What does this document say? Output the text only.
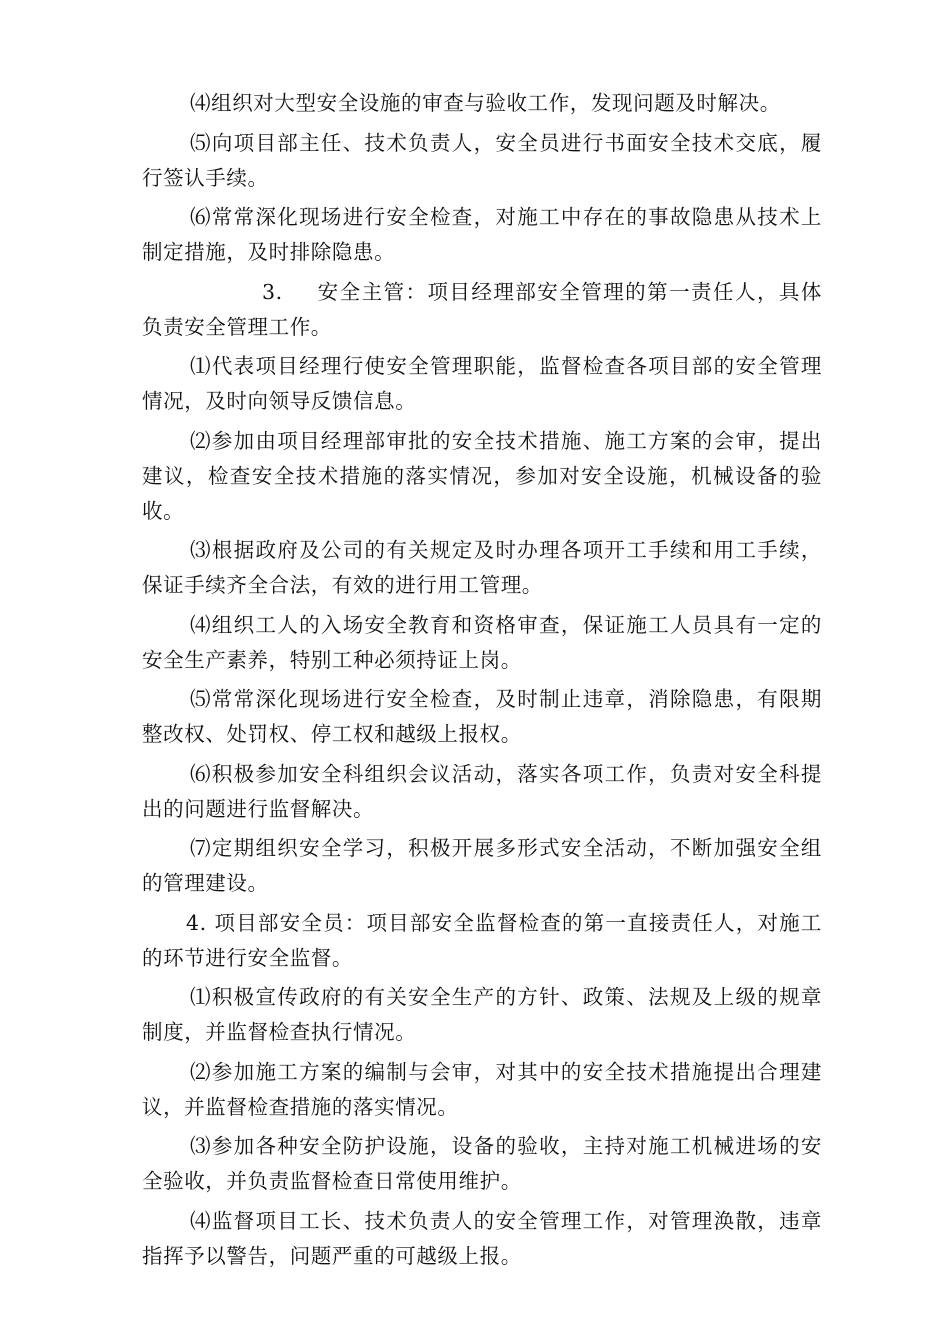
⑷组织对大型安全设施的审查与验收工作，发现问题及时解决。

⑸向项目部主任、技术负责人，安全员进行书面安全技术交底，履行签认手续。

⑹常常深化现场进行安全检查，对施工中存在的事故隐患从技术上制定措施，及时排除隐患。

3. 安全主管：项目经理部安全管理的第一责任人，具体负责安全管理工作。

⑴代表项目经理行使安全管理职能，监督检查各项目部的安全管理情况，及时向领导反馈信息。

⑵参加由项目经理部审批的安全技术措施、施工方案的会审，提出建议，检查安全技术措施的落实情况，参加对安全设施，机械设备的验收。

⑶根据政府及公司的有关规定及时办理各项开工手续和用工手续，保证手续齐全合法，有效的进行用工管理。

⑷组织工人的入场安全教育和资格审查，保证施工人员具有一定的安全生产素养，特别工种必须持证上岗。

⑸常常深化现场进行安全检查，及时制止违章，消除隐患，有限期整改权、处罚权、停工权和越级上报权。

⑹积极参加安全科组织会议活动，落实各项工作，负责对安全科提出的问题进行监督解决。

⑺定期组织安全学习，积极开展多形式安全活动，不断加强安全组的管理建设。

4. 项目部安全员：项目部安全监督检查的第一直接责任人，对施工的环节进行安全监督。

⑴积极宣传政府的有关安全生产的方针、政策、法规及上级的规章制度，并监督检查执行情况。

⑵参加施工方案的编制与会审，对其中的安全技术措施提出合理建议，并监督检查措施的落实情况。

⑶参加各种安全防护设施，设备的验收，主持对施工机械进场的安全验收，并负责监督检查日常使用维护。

⑷监督项目工长、技术负责人的安全管理工作，对管理涣散，违章指挥予以警告，问题严重的可越级上报。
